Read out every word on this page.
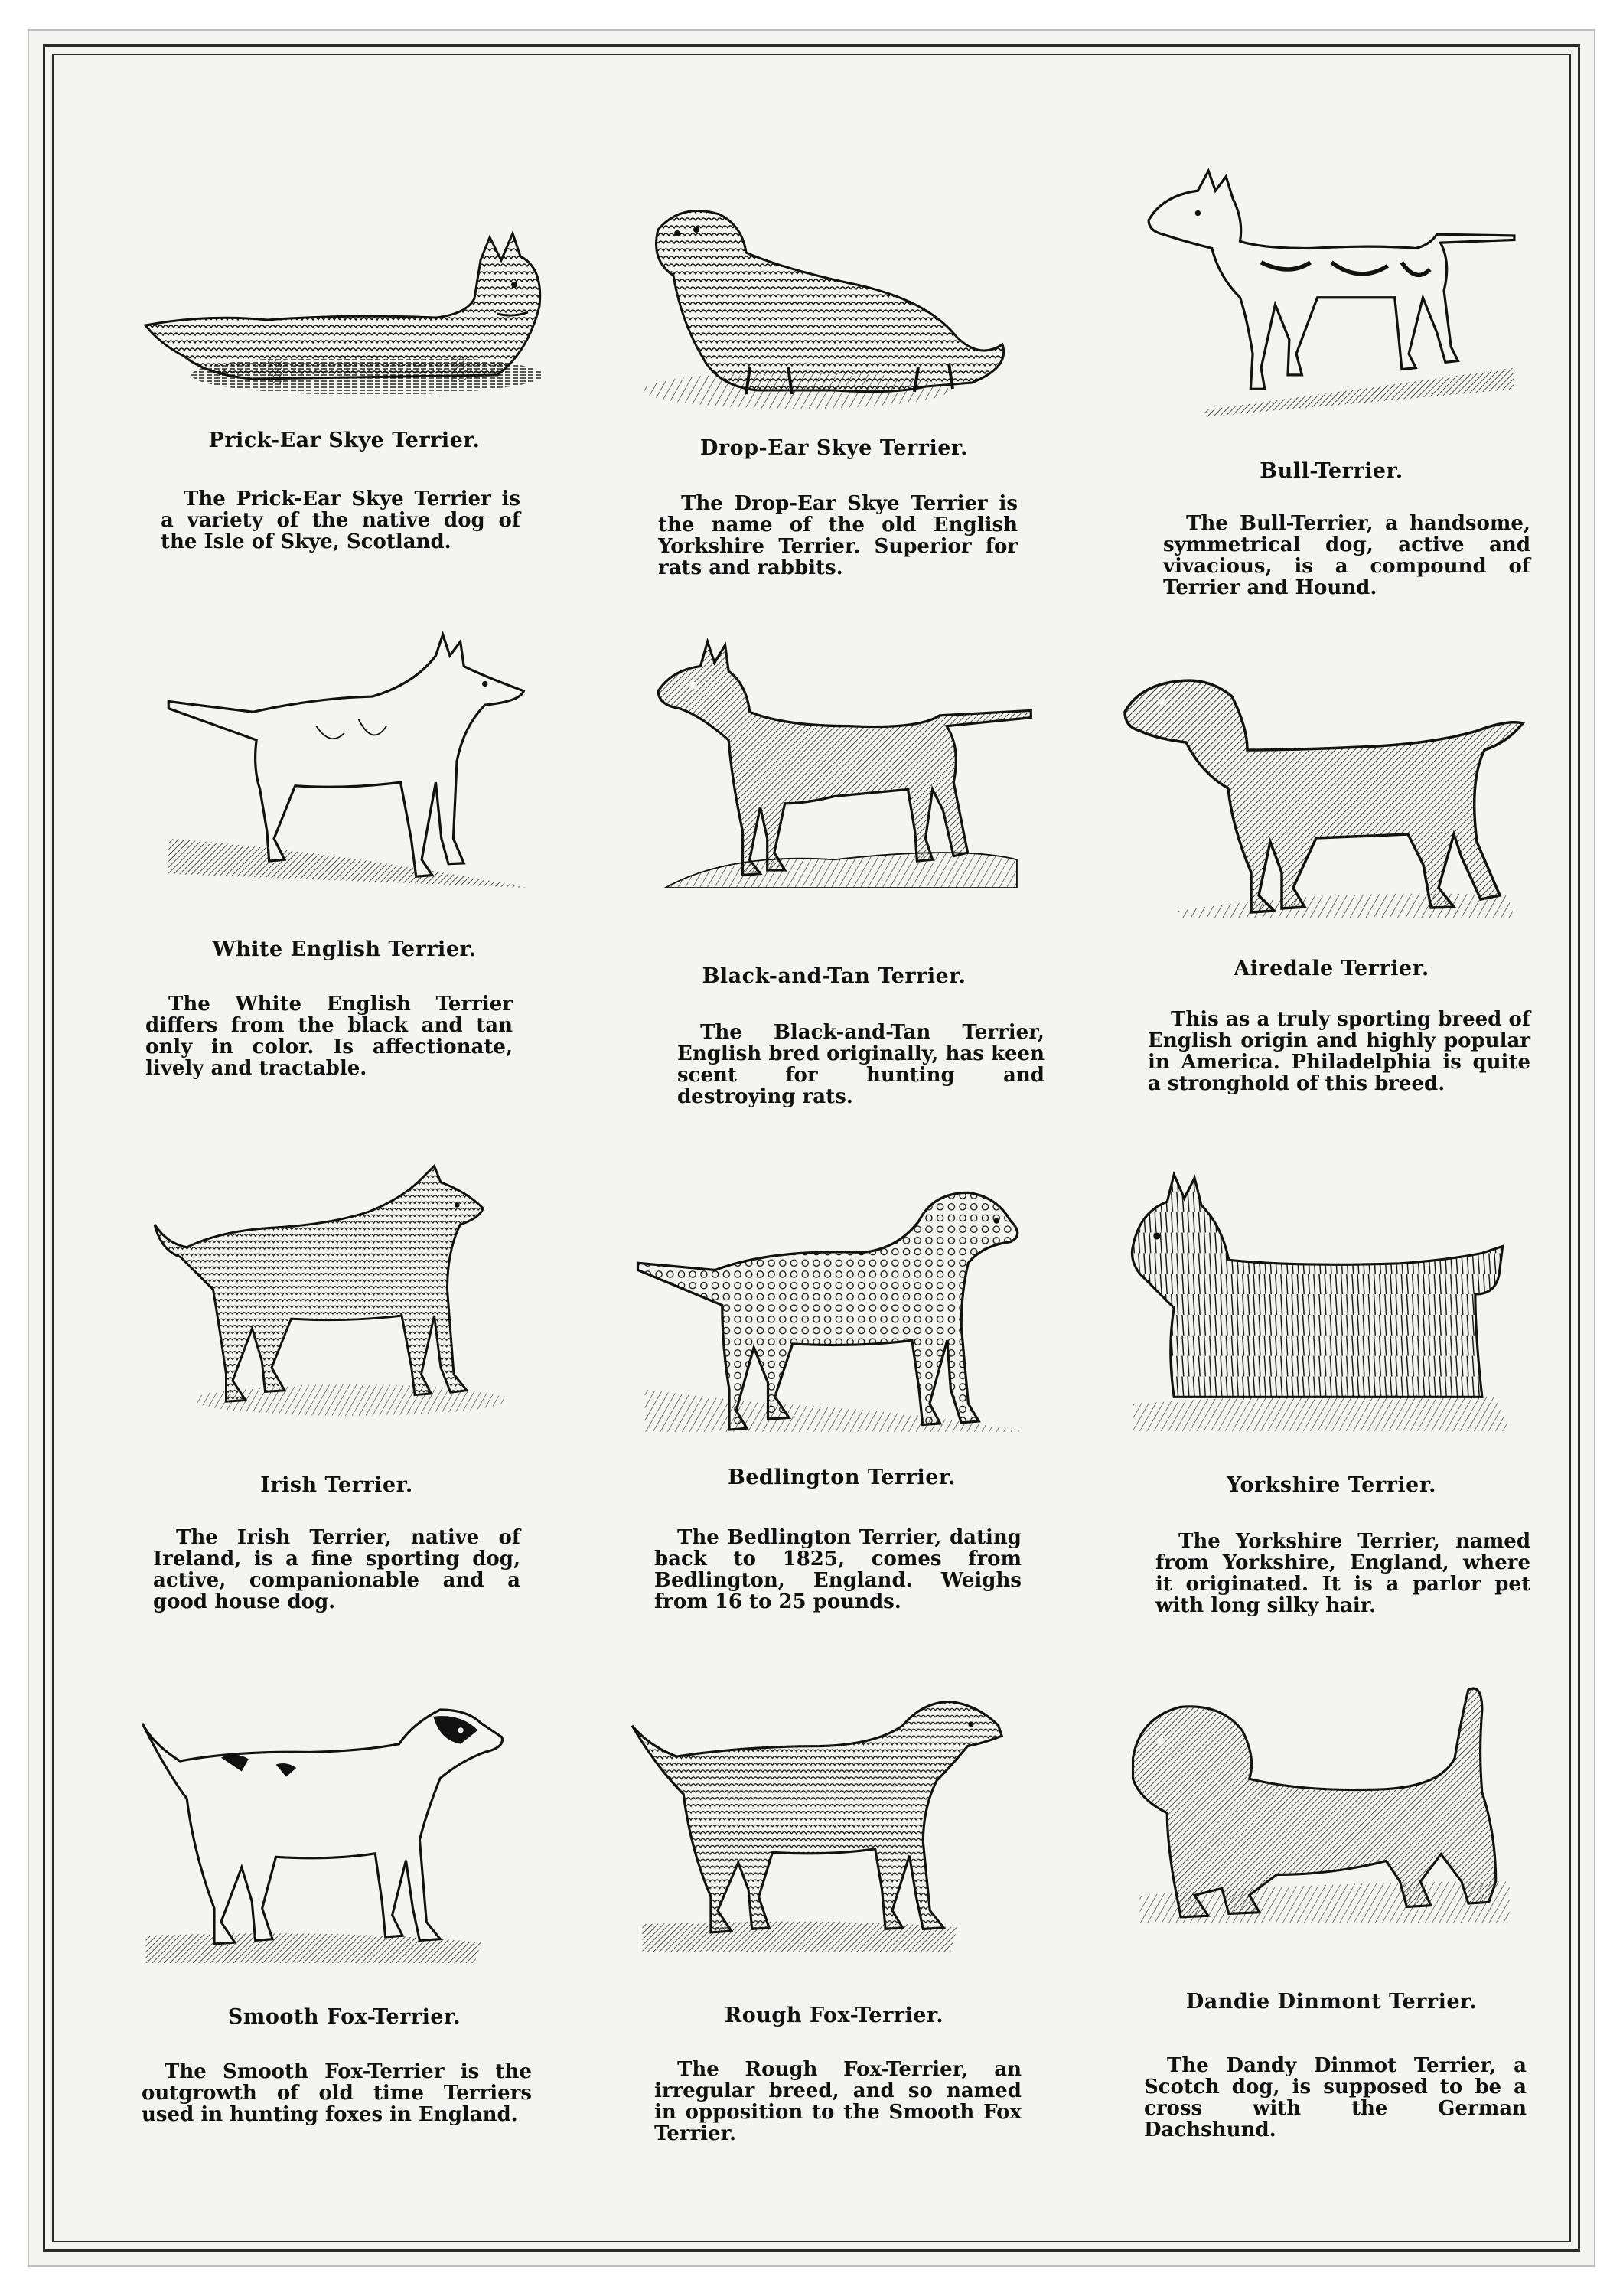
Prick-Ear Skye Terrier.
The Prick-Ear Skye Terrier is a variety of the native dog of the Isle of Skye, Scotland.
Drop-Ear Skye Terrier.
The Drop-Ear Skye Terrier is the name of the old English Yorkshire Terrier. Superior for rats and rabbits.
Bull-Terrier.
The Bull-Terrier, a handsome, symmetrical dog, active and vivacious, is a compound of Terrier and Hound.
White English Terrier.
The White English Terrier differs from the black and tan only in color. Is affectionate, lively and tractable.
Black-and-Tan Terrier.
The Black-and-Tan Terrier, English bred originally, has keen scent for hunting and destroying rats.
Airedale Terrier.
This as a truly sporting breed of English origin and highly popular in America. Philadelphia is quite a stronghold of this breed.
Irish Terrier.
The Irish Terrier, native of Ireland, is a fine sporting dog, active, companionable and a good house dog.
Bedlington Terrier.
The Bedlington Terrier, dating back to 1825, comes from Bedlington, England. Weighs from 16 to 25 pounds.
Yorkshire Terrier.
The Yorkshire Terrier, named from Yorkshire, England, where it originated. It is a parlor pet with long silky hair.
Smooth Fox-Terrier.
The Smooth Fox-Terrier is the outgrowth of old time Terriers used in hunting foxes in England.
Rough Fox-Terrier.
The Rough Fox-Terrier, an irregular breed, and so named in opposition to the Smooth Fox Terrier.
Dandie Dinmont Terrier.
The Dandy Dinmot Terrier, a Scotch dog, is supposed to be a cross with the German Dachshund.
